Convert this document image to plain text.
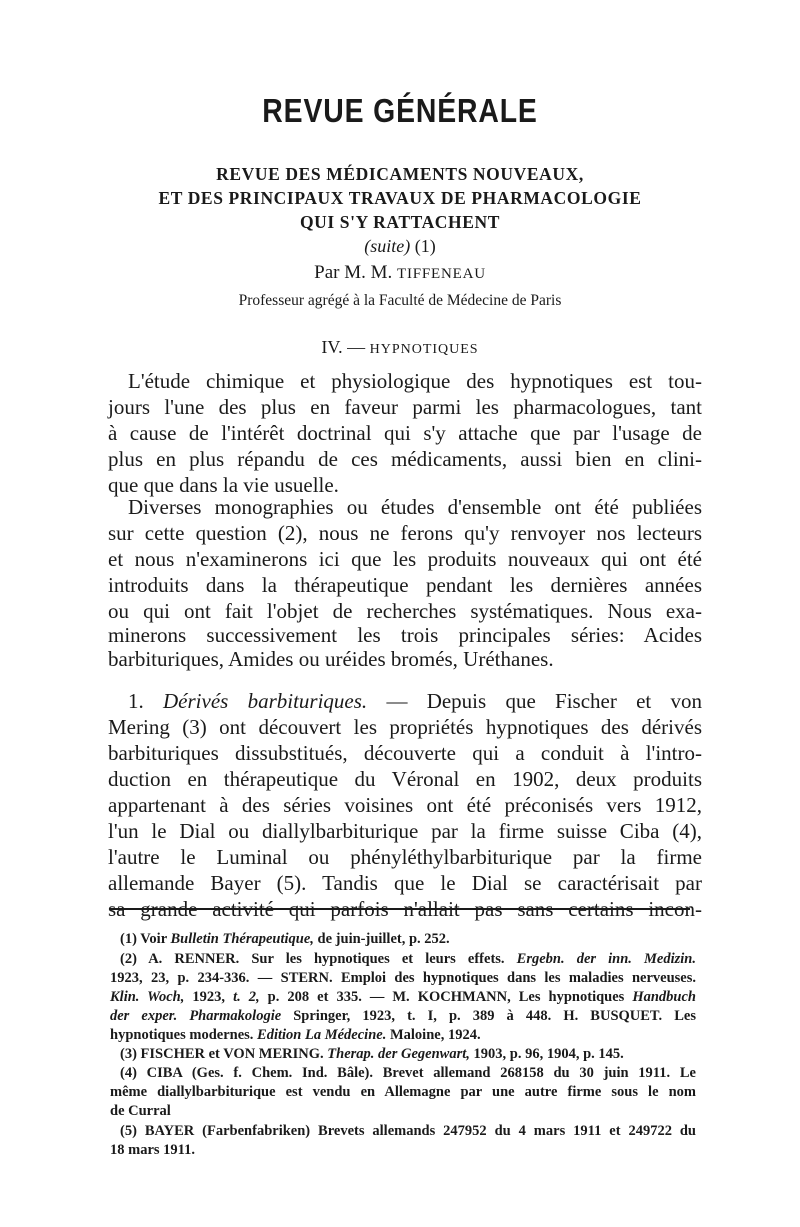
REVUE GÉNÉRALE
REVUE DES MÉDICAMENTS NOUVEAUX,
ET DES PRINCIPAUX TRAVAUX DE PHARMACOLOGIE
QUI S'Y RATTACHENT
(suite) (1)
Par M. M. TIFFENEAU
Professeur agrégé à la Faculté de Médecine de Paris
IV. — HYPNOTIQUES
L'étude chimique et physiologique des hypnotiques est tou-
jours l'une des plus en faveur parmi les pharmacologues, tant
à cause de l'intérêt doctrinal qui s'y attache que par l'usage de
plus en plus répandu de ces médicaments, aussi bien en clini-
que que dans la vie usuelle.
Diverses monographies ou études d'ensemble ont été publiées
sur cette question (2), nous ne ferons qu'y renvoyer nos lecteurs
et nous n'examinerons ici que les produits nouveaux qui ont été
introduits dans la thérapeutique pendant les dernières années
ou qui ont fait l'objet de recherches systématiques. Nous exa-
minerons successivement les trois principales séries: Acides
barbituriques, Amides ou uréides bromés, Uréthanes.
1. Dérivés barbituriques. — Depuis que Fischer et von
Mering (3) ont découvert les propriétés hypnotiques des dérivés
barbituriques dissubstitués, découverte qui a conduit à l'intro-
duction en thérapeutique du Véronal en 1902, deux produits
appartenant à des séries voisines ont été préconisés vers 1912,
l'un le Dial ou diallylbarbiturique par la firme suisse Ciba (4),
l'autre le Luminal ou phényléthylbarbiturique par la firme
allemande Bayer (5). Tandis que le Dial se caractérisait par
sa grande activité qui parfois n'allait pas sans certains incon-
(1) Voir Bulletin Thérapeutique, de juin-juillet, p. 252.
(2) A. RENNER. Sur les hypnotiques et leurs effets. Ergebn. der inn. Medizin.
1923, 23, p. 234-336. — STERN. Emploi des hypnotiques dans les maladies nerveuses.
Klin. Woch, 1923, t. 2, p. 208 et 335. — M. KOCHMANN, Les hypnotiques Handbuch
der exper. Pharmakologie Springer, 1923, t. I, p. 389 à 448. H. BUSQUET. Les
hypnotiques modernes. Edition La Médecine. Maloine, 1924.
(3) FISCHER et VON MERING. Therap. der Gegenwart, 1903, p. 96, 1904, p. 145.
(4) CIBA (Ges. f. Chem. Ind. Bâle). Brevet allemand 268158 du 30 juin 1911. Le
même diallylbarbiturique est vendu en Allemagne par une autre firme sous le nom
de Curral
(5) BAYER (Farbenfabriken) Brevets allemands 247952 du 4 mars 1911 et 249722 du
18 mars 1911.
